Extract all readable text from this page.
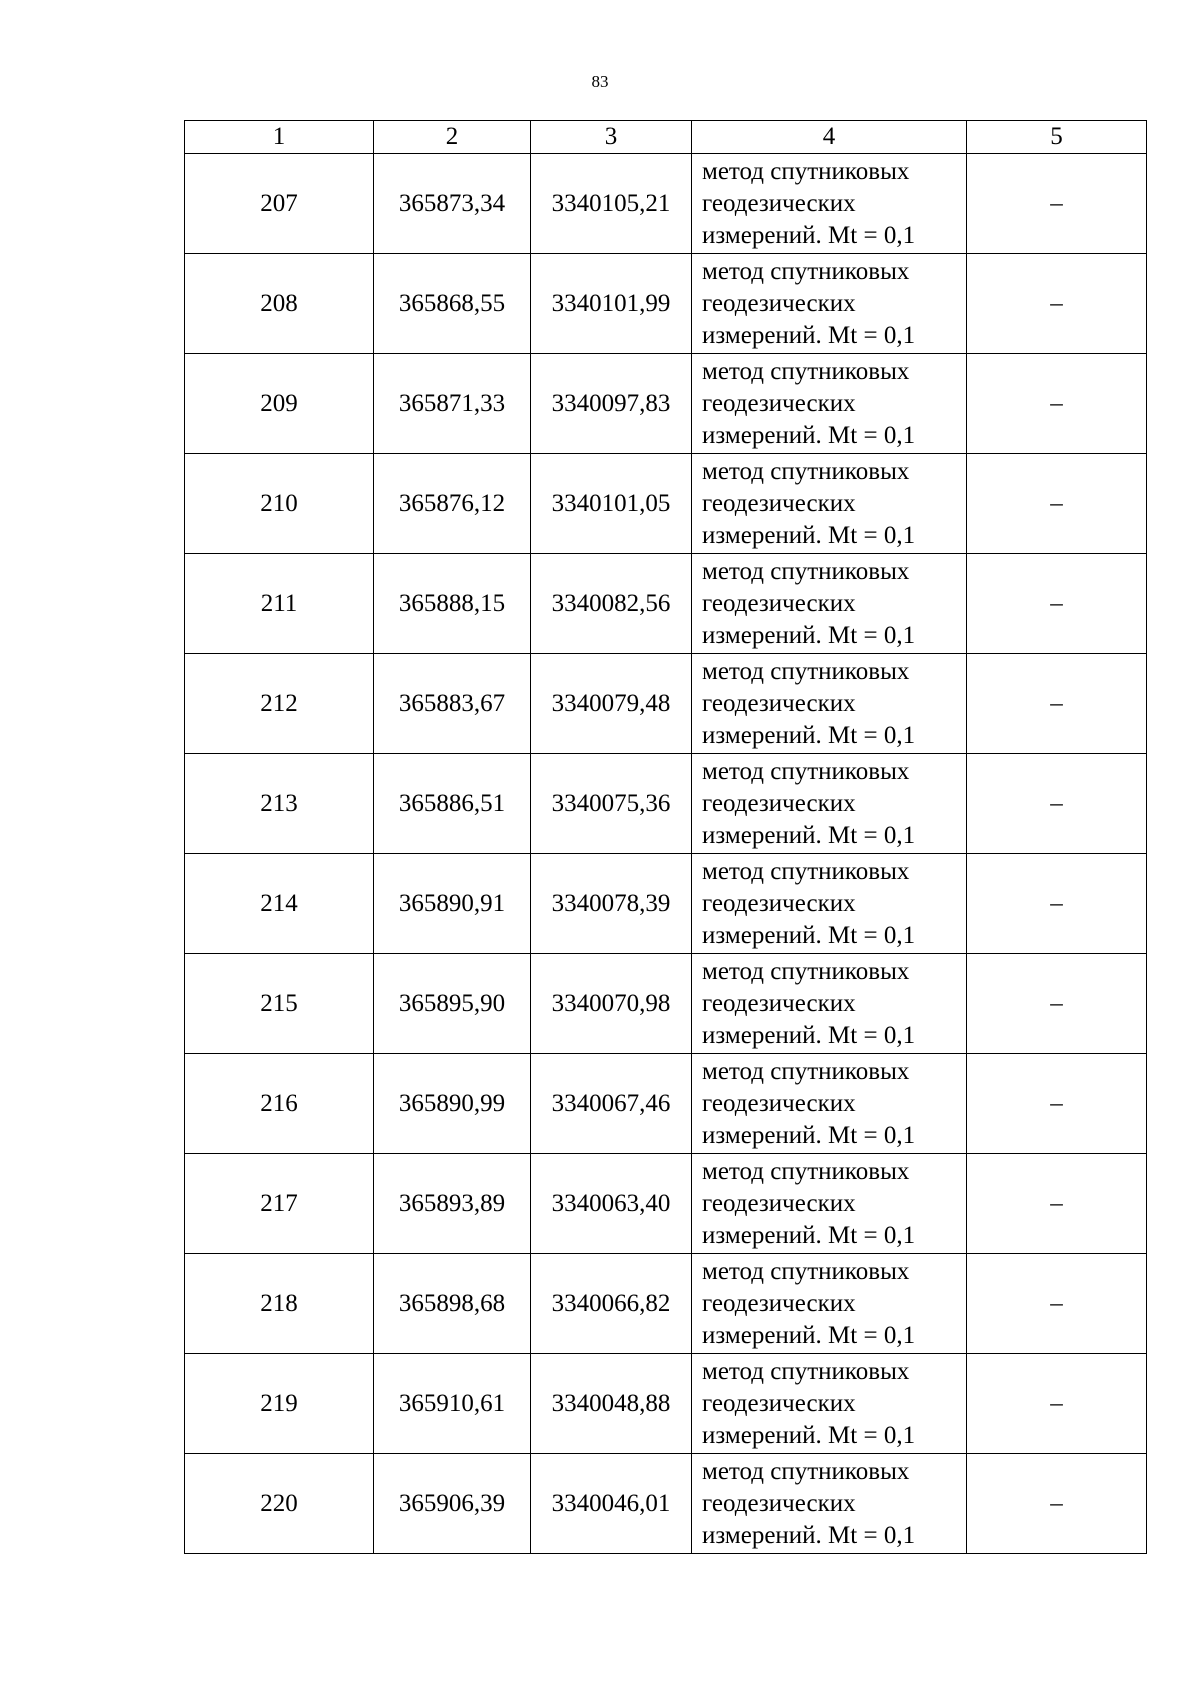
83
1	2	3	4	5
207	365873,34	3340105,21	метод спутниковых
геодезических
измерений. Mt = 0,1	–
208	365868,55	3340101,99	метод спутниковых
геодезических
измерений. Mt = 0,1	–
209	365871,33	3340097,83	метод спутниковых
геодезических
измерений. Mt = 0,1	–
210	365876,12	3340101,05	метод спутниковых
геодезических
измерений. Mt = 0,1	–
211	365888,15	3340082,56	метод спутниковых
геодезических
измерений. Mt = 0,1	–
212	365883,67	3340079,48	метод спутниковых
геодезических
измерений. Mt = 0,1	–
213	365886,51	3340075,36	метод спутниковых
геодезических
измерений. Mt = 0,1	–
214	365890,91	3340078,39	метод спутниковых
геодезических
измерений. Mt = 0,1	–
215	365895,90	3340070,98	метод спутниковых
геодезических
измерений. Mt = 0,1	–
216	365890,99	3340067,46	метод спутниковых
геодезических
измерений. Mt = 0,1	–
217	365893,89	3340063,40	метод спутниковых
геодезических
измерений. Mt = 0,1	–
218	365898,68	3340066,82	метод спутниковых
геодезических
измерений. Mt = 0,1	–
219	365910,61	3340048,88	метод спутниковых
геодезических
измерений. Mt = 0,1	–
220	365906,39	3340046,01	метод спутниковых
геодезических
измерений. Mt = 0,1	–
